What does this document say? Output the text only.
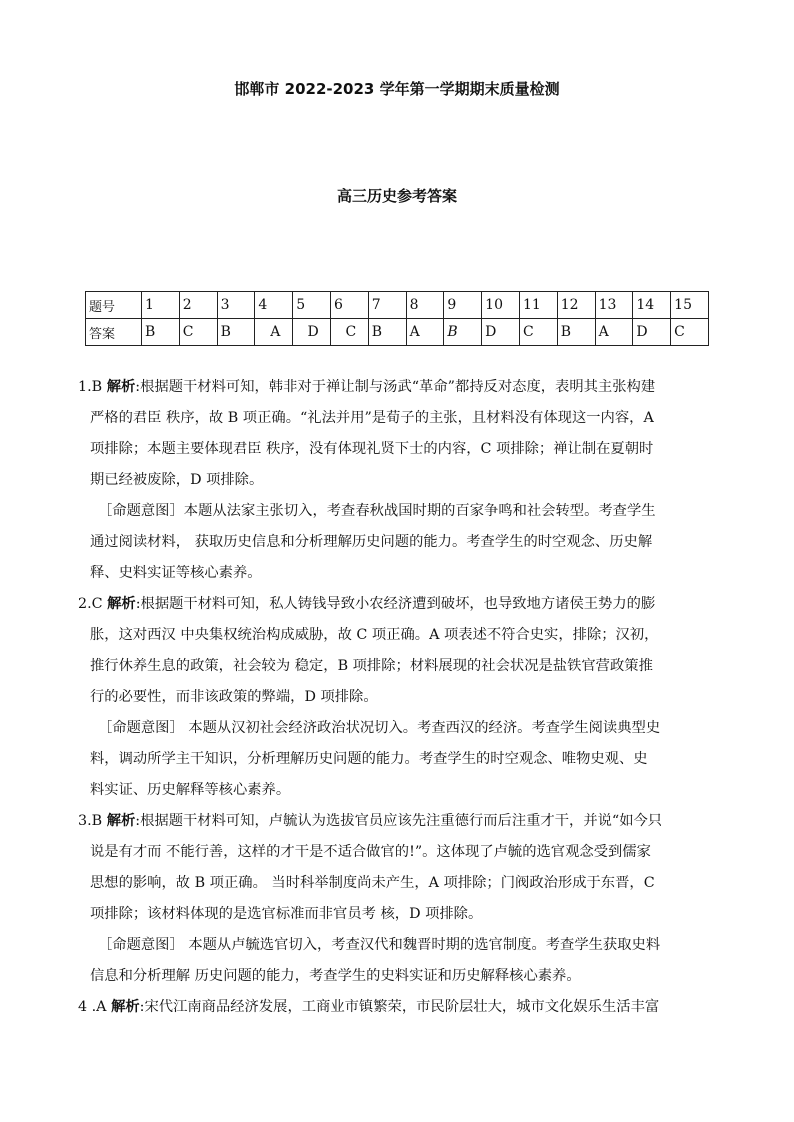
邯郸市 2022-2023 学年第一学期期末质量检测
高三历史参考答案
题号	1	2	3	4	5	6	7	8	9	10	11	12	13	14	15
答案	B	C	B	A	D	C	B	A	B	D	C	B	A	D	C
1.B 解析:根据题干材料可知，韩非对于禅让制与汤武“革命”都持反对态度，表明其主张构建
严格的君臣 秩序，故 B 项正确。“礼法并用”是荀子的主张，且材料没有体现这一内容，A
项排除；本题主要体现君臣 秩序，没有体现礼贤下士的内容，C 项排除；禅让制在夏朝时
期已经被废除，D 项排除。
［命题意图］本题从法家主张切入，考查春秋战国时期的百家争鸣和社会转型。考查学生
通过阅读材料， 获取历史信息和分析理解历史问题的能力。考查学生的时空观念、历史解
释、史料实证等核心素养。
2.C 解析:根据题干材料可知，私人铸钱导致小农经济遭到破坏，也导致地方诸侯王势力的膨
胀，这对西汉 中央集权统治构成威胁，故 C 项正确。A 项表述不符合史实，排除；汉初，
推行休养生息的政策，社会较为 稳定，B 项排除；材料展现的社会状况是盐铁官营政策推
行的必要性，而非该政策的弊端，D 项排除。
［命题意图］ 本题从汉初社会经济政治状况切入。考查西汉的经济。考查学生阅读典型史
料，调动所学主干知识，分析理解历史问题的能力。考查学生的时空观念、唯物史观、史
料实证、历史解释等核心素养。
3.B 解析:根据题干材料可知，卢毓认为选拔官员应该先注重德行而后注重才干，并说“如今只
说是有才而 不能行善，这样的才干是不适合做官的!”。这体现了卢毓的选官观念受到儒家
思想的影响，故 B 项正确。 当时科举制度尚未产生，A 项排除；门阀政治形成于东晋，C
项排除；该材料体现的是选官标准而非官员考 核，D 项排除。
［命题意图］ 本题从卢毓选官切入，考查汉代和魏晋时期的选官制度。考查学生获取史料
信息和分析理解 历史问题的能力，考查学生的史料实证和历史解释核心素养。
4 .A 解析:宋代江南商品经济发展，工商业市镇繁荣，市民阶层壮大，城市文化娱乐生活丰富
